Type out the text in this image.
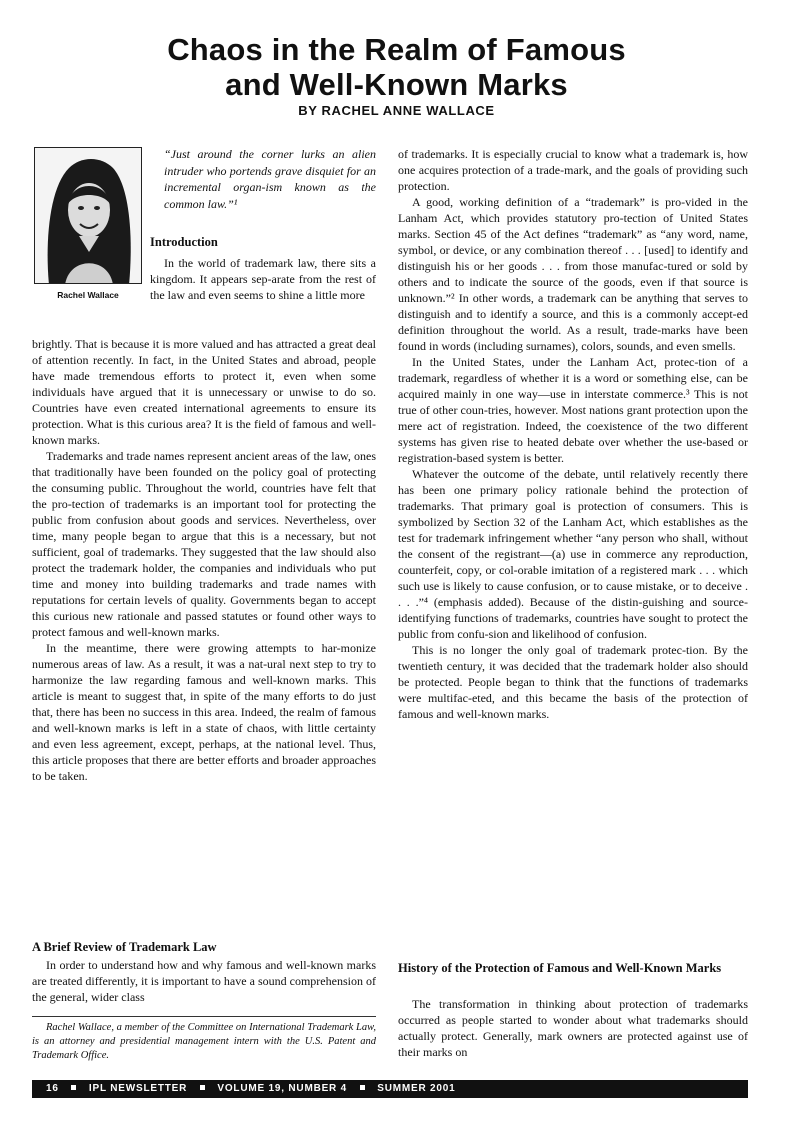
Chaos in the Realm of Famous
and Well-Known Marks
BY RACHEL ANNE WALLACE
Rachel Wallace
“Just around the corner lurks an alien intruder who portends grave disquiet for an incremental organ-ism known as the common law.”¹
Introduction

In the world of trademark law, there sits a kingdom. It appears sep-arate from the rest of the law and even seems to shine a little more

brightly. That is because it is more valued and has attracted a great deal of attention recently. In fact, in the United States and abroad, people have made tremendous efforts to protect it, even when some individuals have argued that it is unnecessary or unwise to do so. Countries have even created international agreements to ensure its protection. What is this curious area? It is the field of famous and well-known marks.

Trademarks and trade names represent ancient areas of the law, ones that traditionally have been founded on the policy goal of protecting the consuming public. Throughout the world, countries have felt that the pro-tection of trademarks is an important tool for protecting the public from confusion about goods and services. Nevertheless, over time, many people began to argue that this is a necessary, but not sufficient, goal of trademarks. They suggested that the law should also protect the trademark holder, the companies and individuals who put time and money into building trademarks and trade names with reputations for certain levels of quality. Governments began to accept this curious new rationale and passed statutes or found other ways to protect famous and well-known marks.

In the meantime, there were growing attempts to har-monize numerous areas of law. As a result, it was a nat-ural next step to try to harmonize the law regarding famous and well-known marks. This article is meant to suggest that, in spite of the many efforts to do just that, there has been no success in this area. Indeed, the realm of famous and well-known marks is left in a state of chaos, with little certainty and even less agreement, except, perhaps, at the national level. Thus, this article proposes that there are better efforts and broader approaches to be taken.

A Brief Review of Trademark Law

In order to understand how and why famous and well-known marks are treated differently, it is important to have a sound comprehension of the general, wider class

Rachel Wallace, a member of the Committee on International Trademark Law, is an attorney and presidential management intern with the U.S. Patent and Trademark Office.

of trademarks. It is especially crucial to know what a trademark is, how one acquires protection of a trade-mark, and the goals of providing such protection.

A good, working definition of a “trademark” is pro-vided in the Lanham Act, which provides statutory pro-tection of United States marks. Section 45 of the Act defines “trademark” as “any word, name, symbol, or device, or any combination thereof . . . [used] to identify and distinguish his or her goods . . . from those manufac-tured or sold by others and to indicate the source of the goods, even if that source is unknown.”² In other words, a trademark can be anything that serves to distinguish and to identify a source, and this is a commonly accept-ed definition throughout the world. As a result, trade-marks have been found in words (including surnames), colors, sounds, and even smells.

In the United States, under the Lanham Act, protec-tion of a trademark, regardless of whether it is a word or something else, can be acquired mainly in one way—use in interstate commerce.³ This is not true of other coun-tries, however. Most nations grant protection upon the mere act of registration. Indeed, the coexistence of the two different systems has given rise to heated debate over whether the use-based or registration-based system is better.

Whatever the outcome of the debate, until relatively recently there has been one primary policy rationale behind the protection of trademarks. That primary goal is protection of consumers. This is symbolized by Section 32 of the Lanham Act, which establishes as the test for trademark infringement whether “any person who shall, without the consent of the registrant—(a) use in commerce any reproduction, counterfeit, copy, or col-orable imitation of a registered mark . . . which such use is likely to cause confusion, or to cause mistake, or to deceive . . . .”⁴ (emphasis added). Because of the distin-guishing and source-identifying functions of trademarks, countries have sought to protect the public from confu-sion and likelihood of confusion.

This is no longer the only goal of trademark protec-tion. By the twentieth century, it was decided that the trademark holder also should be protected. People began to think that the functions of trademarks were multifac-eted, and this became the basis of the protection of famous and well-known marks.

History of the Protection of Famous and Well-Known Marks

The transformation in thinking about protection of trademarks occurred as people started to wonder about what trademarks should actually protect. Generally, mark owners are protected against use of their marks on

16	IPL NEWSLETTER	VOLUME 19, NUMBER 4	SUMMER 2001
